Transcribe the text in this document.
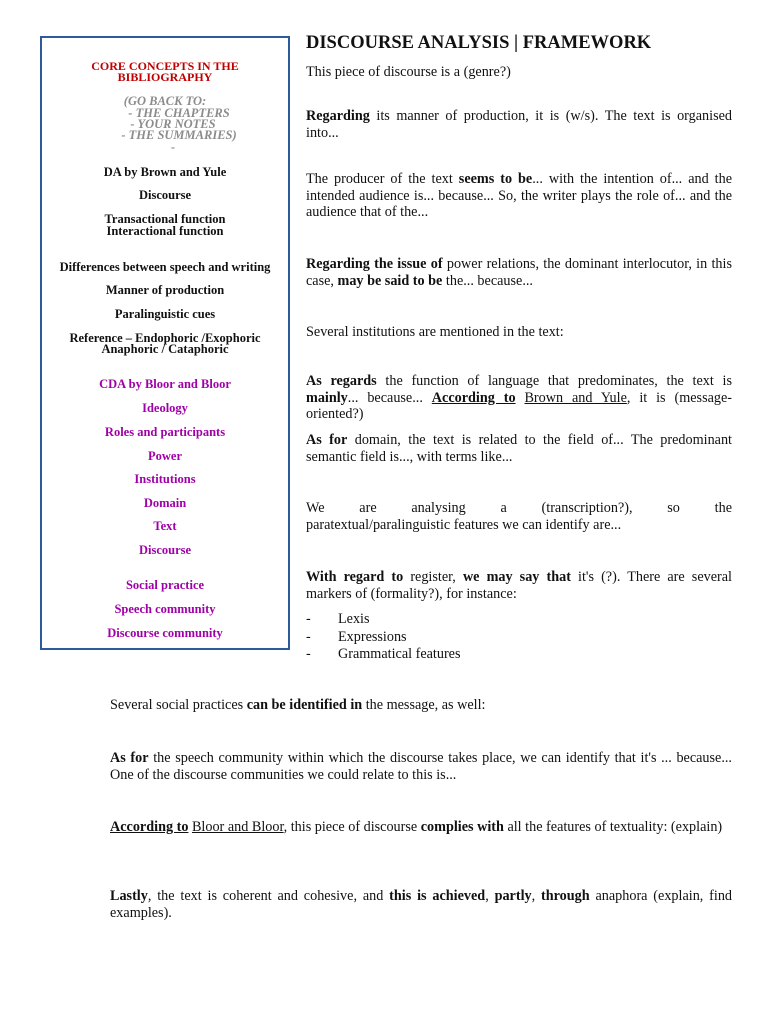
CORE CONCEPTS IN THE
BIBLIOGRAPHY
(GO BACK TO:
- THE CHAPTERS
- YOUR NOTES
- THE SUMMARIES)
-
DA by Brown and Yule
Discourse
Transactional function
Interactional function
Differences between speech and writing
Manner of production
Paralinguistic cues
Reference – Endophoric /Exophoric
Anaphoric / Cataphoric
CDA by Bloor and Bloor
Ideology
Roles and participants
Power
Institutions
Domain
Text
Discourse
Social practice
Speech community
Discourse community
DISCOURSE ANALYSIS | FRAMEWORK
This piece of discourse is a (genre?)
Regarding its manner of production, it is (w/s). The text is organised into...
The producer of the text seems to be... with the intention of... and the intended audience is... because... So, the writer plays the role of... and the audience that of the...
Regarding the issue of power relations, the dominant interlocutor, in this case, may be said to be the... because...
Several institutions are mentioned in the text:
As regards the function of language that predominates, the text is mainly... because... According to Brown and Yule, it is (message-oriented?)
As for domain, the text is related to the field of... The predominant semantic field is..., with terms like...
We are analysing a (transcription?), so the
paratextual/paralinguistic features we can identify are...
With regard to register, we may say that it's (?). There are several markers of (formality?), for instance:
- Lexis
- Expressions
- Grammatical features
Several social practices can be identified in the message, as well:
As for the speech community within which the discourse takes place, we can identify that it's ... because... One of the discourse communities we could relate to this is...
According to Bloor and Bloor, this piece of discourse complies with all the features of textuality: (explain)
Lastly, the text is coherent and cohesive, and this is achieved, partly, through anaphora (explain, find examples).
